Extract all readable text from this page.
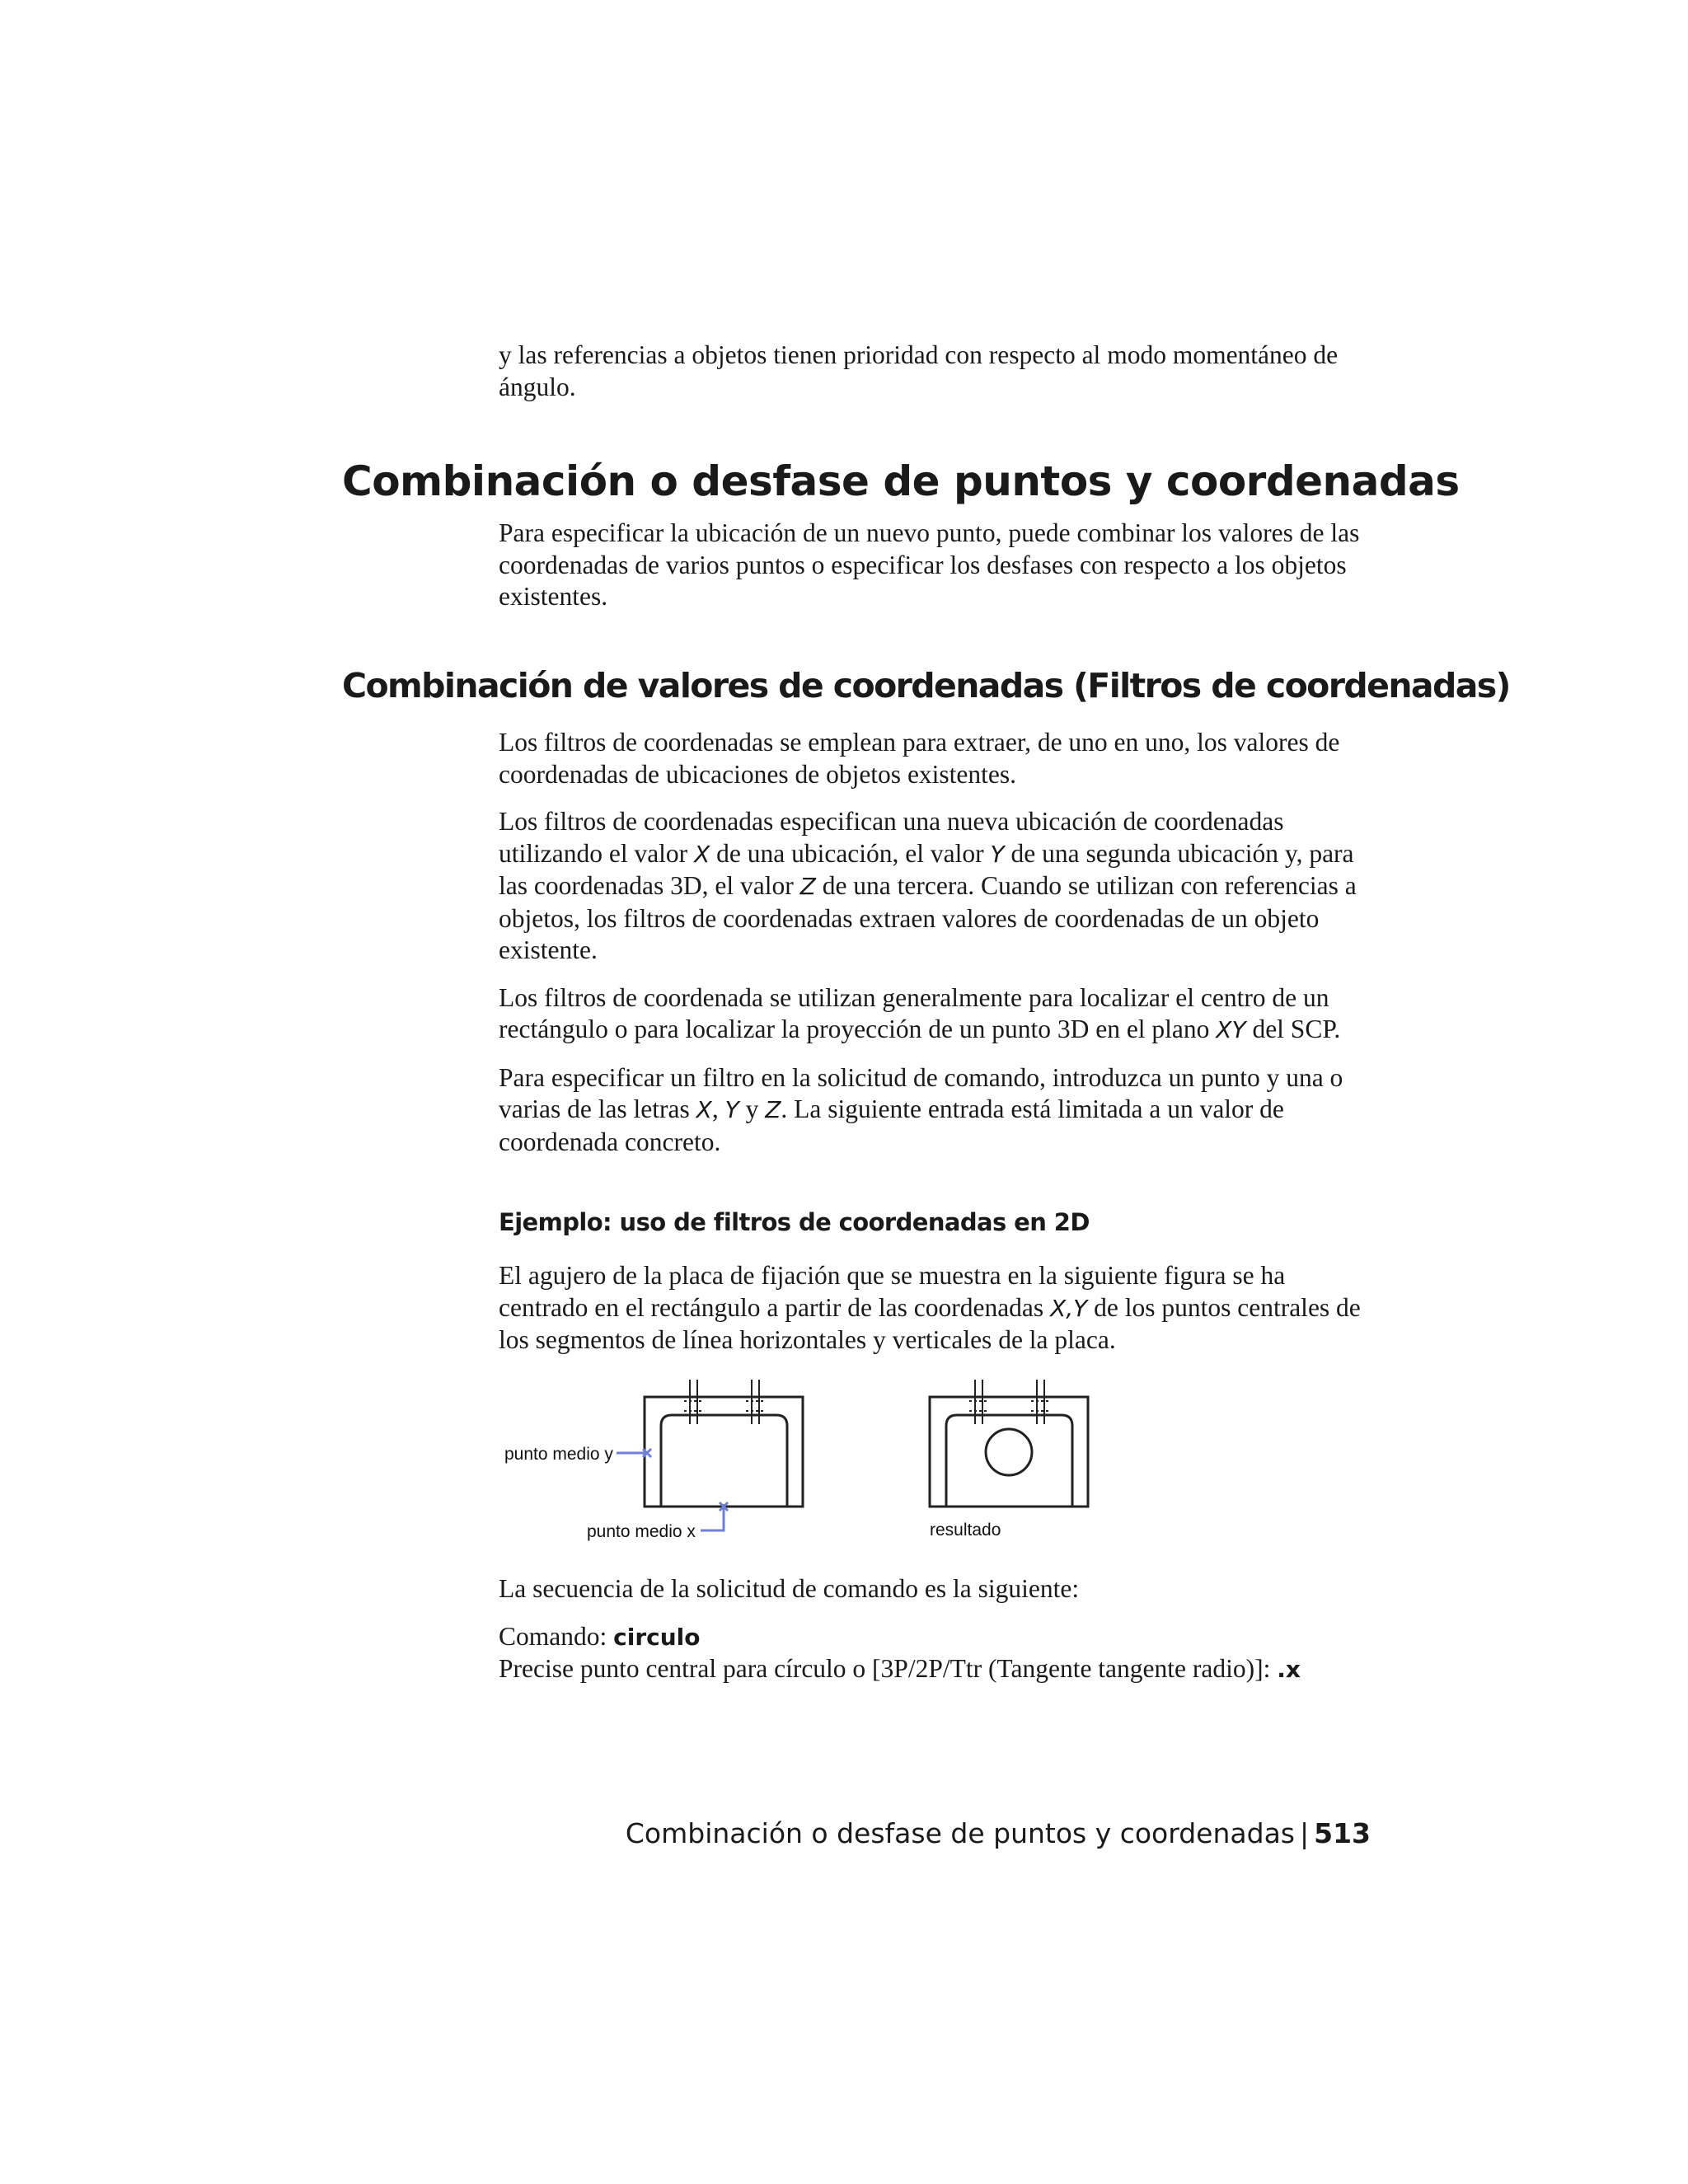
y las referencias a objetos tienen prioridad con respecto al modo momentáneo de ángulo.

Combinación o desfase de puntos y coordenadas

Para especificar la ubicación de un nuevo punto, puede combinar los valores de las coordenadas de varios puntos o especificar los desfases con respecto a los objetos existentes.

Combinación de valores de coordenadas (Filtros de coordenadas)

Los filtros de coordenadas se emplean para extraer, de uno en uno, los valores de coordenadas de ubicaciones de objetos existentes.

Los filtros de coordenadas especifican una nueva ubicación de coordenadas utilizando el valor X de una ubicación, el valor Y de una segunda ubicación y, para las coordenadas 3D, el valor Z de una tercera. Cuando se utilizan con referencias a objetos, los filtros de coordenadas extraen valores de coordenadas de un objeto existente.

Los filtros de coordenada se utilizan generalmente para localizar el centro de un rectángulo o para localizar la proyección de un punto 3D en el plano XY del SCP.

Para especificar un filtro en la solicitud de comando, introduzca un punto y una o varias de las letras X, Y y Z. La siguiente entrada está limitada a un valor de coordenada concreto.

Ejemplo: uso de filtros de coordenadas en 2D

El agujero de la placa de fijación que se muestra en la siguiente figura se ha centrado en el rectángulo a partir de las coordenadas X,Y de los puntos centrales de los segmentos de línea horizontales y verticales de la placa.

punto medio y
punto medio x	resultado

La secuencia de la solicitud de comando es la siguiente:

Comando: circulo

Precise punto central para círculo o [3P/2P/Ttr (Tangente tangente radio)]: .x

Combinación o desfase de puntos y coordenadas | 513
